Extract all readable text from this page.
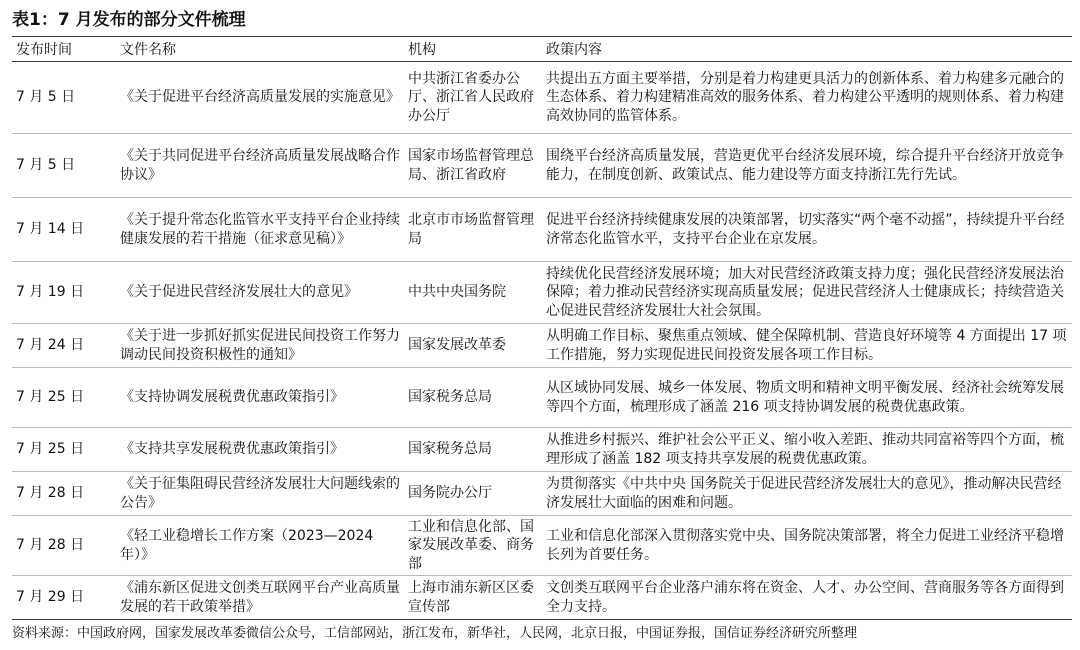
表1：7 月发布的部分文件梳理
发布时间	文件名称	机构	政策内容
7 月 5 日	《关于促进平台经济高质量发展的实施意见》	中共浙江省委办公厅、浙江省人民政府办公厅	共提出五方面主要举措，分别是着力构建更具活力的创新体系、着力构建多元融合的生态体系、着力构建精准高效的服务体系、着力构建公平透明的规则体系、着力构建高效协同的监管体系。
7 月 5 日	《关于共同促进平台经济高质量发展战略合作协议》	国家市场监督管理总局、浙江省政府	围绕平台经济高质量发展，营造更优平台经济发展环境，综合提升平台经济开放竞争能力，在制度创新、政策试点、能力建设等方面支持浙江先行先试。
7 月 14 日	《关于提升常态化监管水平支持平台企业持续健康发展的若干措施（征求意见稿）》	北京市市场监督管理局	促进平台经济持续健康发展的决策部署，切实落实“两个毫不动摇”，持续提升平台经济常态化监管水平，支持平台企业在京发展。
7 月 19 日	《关于促进民营经济发展壮大的意见》	中共中央国务院	持续优化民营经济发展环境；加大对民营经济政策支持力度；强化民营经济发展法治保障；着力推动民营经济实现高质量发展；促进民营经济人士健康成长；持续营造关心促进民营经济发展壮大社会氛围。
7 月 24 日	《关于进一步抓好抓实促进民间投资工作努力调动民间投资积极性的通知》	国家发展改革委	从明确工作目标、聚焦重点领域、健全保障机制、营造良好环境等 4 方面提出 17 项工作措施，努力实现促进民间投资发展各项工作目标。
7 月 25 日	《支持协调发展税费优惠政策指引》	国家税务总局	从区域协同发展、城乡一体发展、物质文明和精神文明平衡发展、经济社会统筹发展等四个方面，梳理形成了涵盖 216 项支持协调发展的税费优惠政策。
7 月 25 日	《支持共享发展税费优惠政策指引》	国家税务总局	从推进乡村振兴、维护社会公平正义、缩小收入差距、推动共同富裕等四个方面，梳理形成了涵盖 182 项支持共享发展的税费优惠政策。
7 月 28 日	《关于征集阻碍民营经济发展壮大问题线索的公告》	国务院办公厅	为贯彻落实《中共中央 国务院关于促进民营经济发展壮大的意见》，推动解决民营经济发展壮大面临的困难和问题。
7 月 28 日	《轻工业稳增长工作方案（2023—2024 年）》	工业和信息化部、国家发展改革委、商务部	工业和信息化部深入贯彻落实党中央、国务院决策部署，将全力促进工业经济平稳增长列为首要任务。
7 月 29 日	《浦东新区促进文创类互联网平台产业高质量发展的若干政策举措》	上海市浦东新区区委宣传部	文创类互联网平台企业落户浦东将在资金、人才、办公空间、营商服务等各方面得到全力支持。
资料来源：中国政府网，国家发展改革委微信公众号，工信部网站，浙江发布，新华社，人民网，北京日报，中国证券报，国信证券经济研究所整理
